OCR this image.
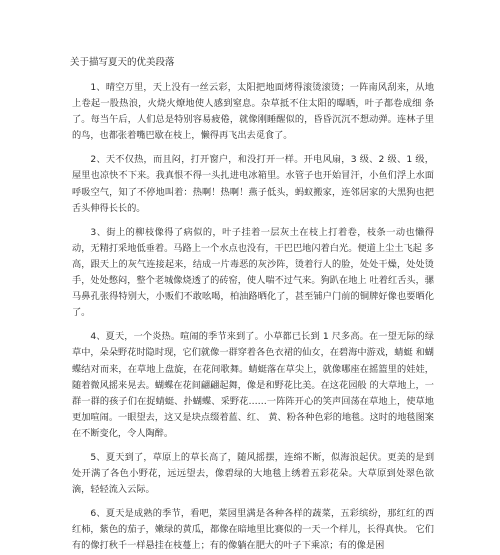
关于描写夏天的优美段落

1、晴空万里，天上没有一丝云彩，太阳把地面烤得滚烫滚烫；一阵南风刮来，从地上卷起一股热浪，火烧火燎地使人感到窒息。杂草抵不住太阳的曝晒，叶子都卷成细 条了。每当午后，人们总是特别容易疲倦，就像刚睡醒似的，昏昏沉沉不想动弹。连林子里的鸟，也都张着嘴巴歇在枝上，懒得再飞出去觅食了。

2、天不仅热，而且闷，打开窗户，和没打开一样。开电风扇，3 级、2 级、1 级，屋里也凉快不下来。我真恨不得一头扎进电冰箱里。水管子也开始冒汗，小鱼们浮上水面呼吸空气，知了不停地叫着：热啊！热啊！燕子低头，蚂蚁搬家，连邻居家的大黑狗也把舌头伸得长长的。

3、街上的柳枝像得了病似的，叶子挂着一层灰土在枝上打着卷，枝条一动也懒得动，无精打采地低垂着。马路上一个水点也没有，干巴巴地闪着白光。便道上尘土飞起 多高，跟天上的灰气连接起来，结成一片毒恶的灰沙阵，烫着行人的脸，处处干燥，处处烫手，处处憋闷，整个老城像烧透了的砖窑，使人喘不过气来。狗趴在地上 吐着红舌头，骡马鼻孔张得特别大，小贩们不敢吆喝，柏油路晒化了，甚至铺户门前的铜牌好像也要晒化了。

4、夏天，一个炎热。喧闹的季节来到了。小草都已长到 1 尺多高。在一望无际的绿草中，朵朵野花时隐时现，它们就像一群穿着各色衣裙的仙女，在碧海中游戏，蜻蜓 和蝴蝶结对而来，在草地上盘旋，在花间歌舞。蜻蜓落在草尖上，就像哪座在摇篮里的娃娃，随着微风摇来晃去。蝴蝶在花间翩翩起舞，像是和野花比美。在这花园般 的大草地上，一群一群的孩子们在捉蜻蜓、扑蝴蝶、采野花……一阵阵开心的笑声回荡在草地上，使草地更加喧闹。一眼望去，这又是块点缀着蓝、红、 黄、粉各种色彩的地毯。这时的地毯图案在不断变化，令人陶醉。

5、夏天到了，草原上的草长高了，随风摇摆，连绵不断，似海浪起伏。更美的是到处开满了各色小野花，远远望去，像碧绿的大地毯上绣着五彩花朵。大草原到处翠色欲滴，轻轻流入云际。

6、夏天是成熟的季节，看吧，菜园里满是各种各样的蔬菜，五彩缤纷，那红红的西红柿，紫色的茄子，嫩绿的黄瓜，都像在暗地里比赛似的一天一个样儿，长得真快。 它们有的像打秋千一样悬挂在枝蔓上；有的像躺在肥大的叶子下乘凉；有的像是困
